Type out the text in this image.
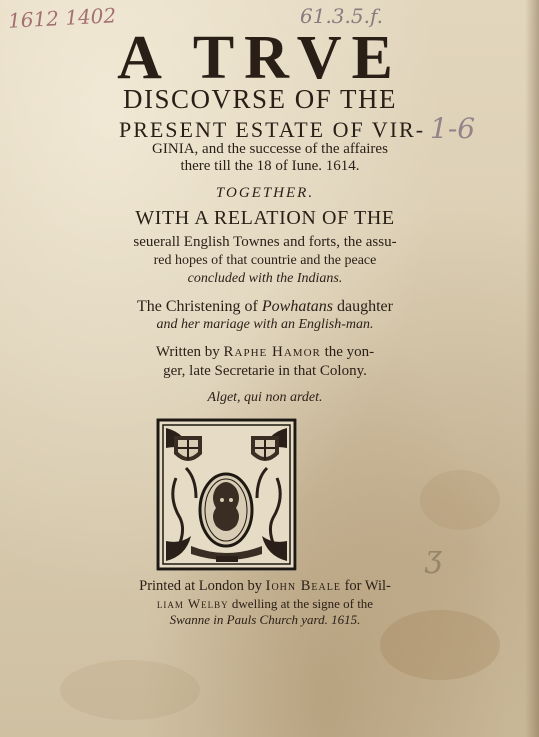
1612 1402	61.3.5.f.
1-6
ʒ
A TRVE
DISCOVRSE OF THE
PRESENT ESTATE OF VIR-
GINIA, and the successe of the affaires
there till the 18 of Iune. 1614.
TOGETHER.
WITH A RELATION OF THE
seuerall English Townes and forts, the assu-
red hopes of that countrie and the peace
concluded with the Indians.
The Christening of Powhatans daughter
and her mariage with an English-man.
Written by Raphe Hamor the yon-
ger, late Secretarie in that Colony.
Alget, qui non ardet.
Printed at London by Iohn Beale for Wil-
liam Welby dwelling at the signe of the
Swanne in Pauls Church yard. 1615.
